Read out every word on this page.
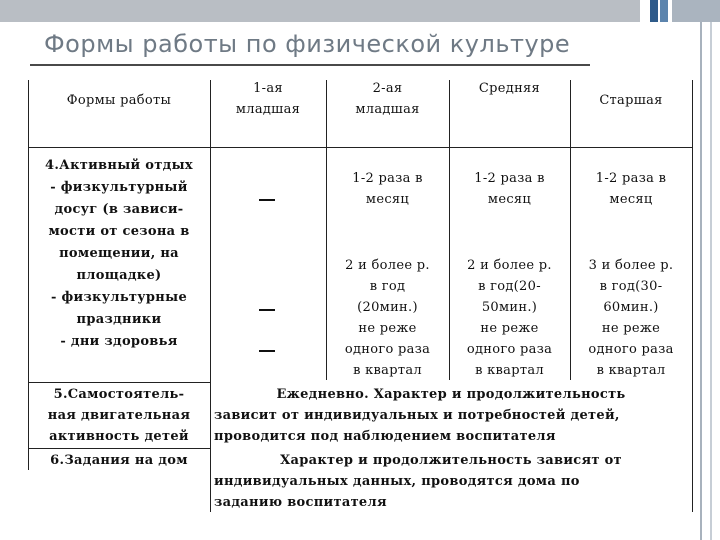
Формы работы по физической культуре
Формы работы
1-ая
младшая
2-ая
младшая
Средняя
Старшая
4.Активный отдых
- физкультурный
досуг (в зависи-
мости от сезона в
помещении, на
площадке)
- физкультурные
праздники
- дни здоровья
1-2 раза в
месяц
1-2 раза в
месяц
1-2 раза в
месяц
2 и более р.
в год
(20мин.)
не реже
одного раза
в квартал
2 и более р.
в год(20-
50мин.)
не реже
одного раза
в квартал
3 и более р.
в год(30-
60мин.)
не реже
одного раза
в квартал
5.Самостоятель-
ная двигательная
активность детей
Ежедневно. Характер и продолжительность
зависит от индивидуальных и потребностей детей,
проводится под наблюдением воспитателя
6.Задания на дом	Характер и продолжительность зависят от
индивидуальных данных, проводятся дома по
заданию воспитателя
